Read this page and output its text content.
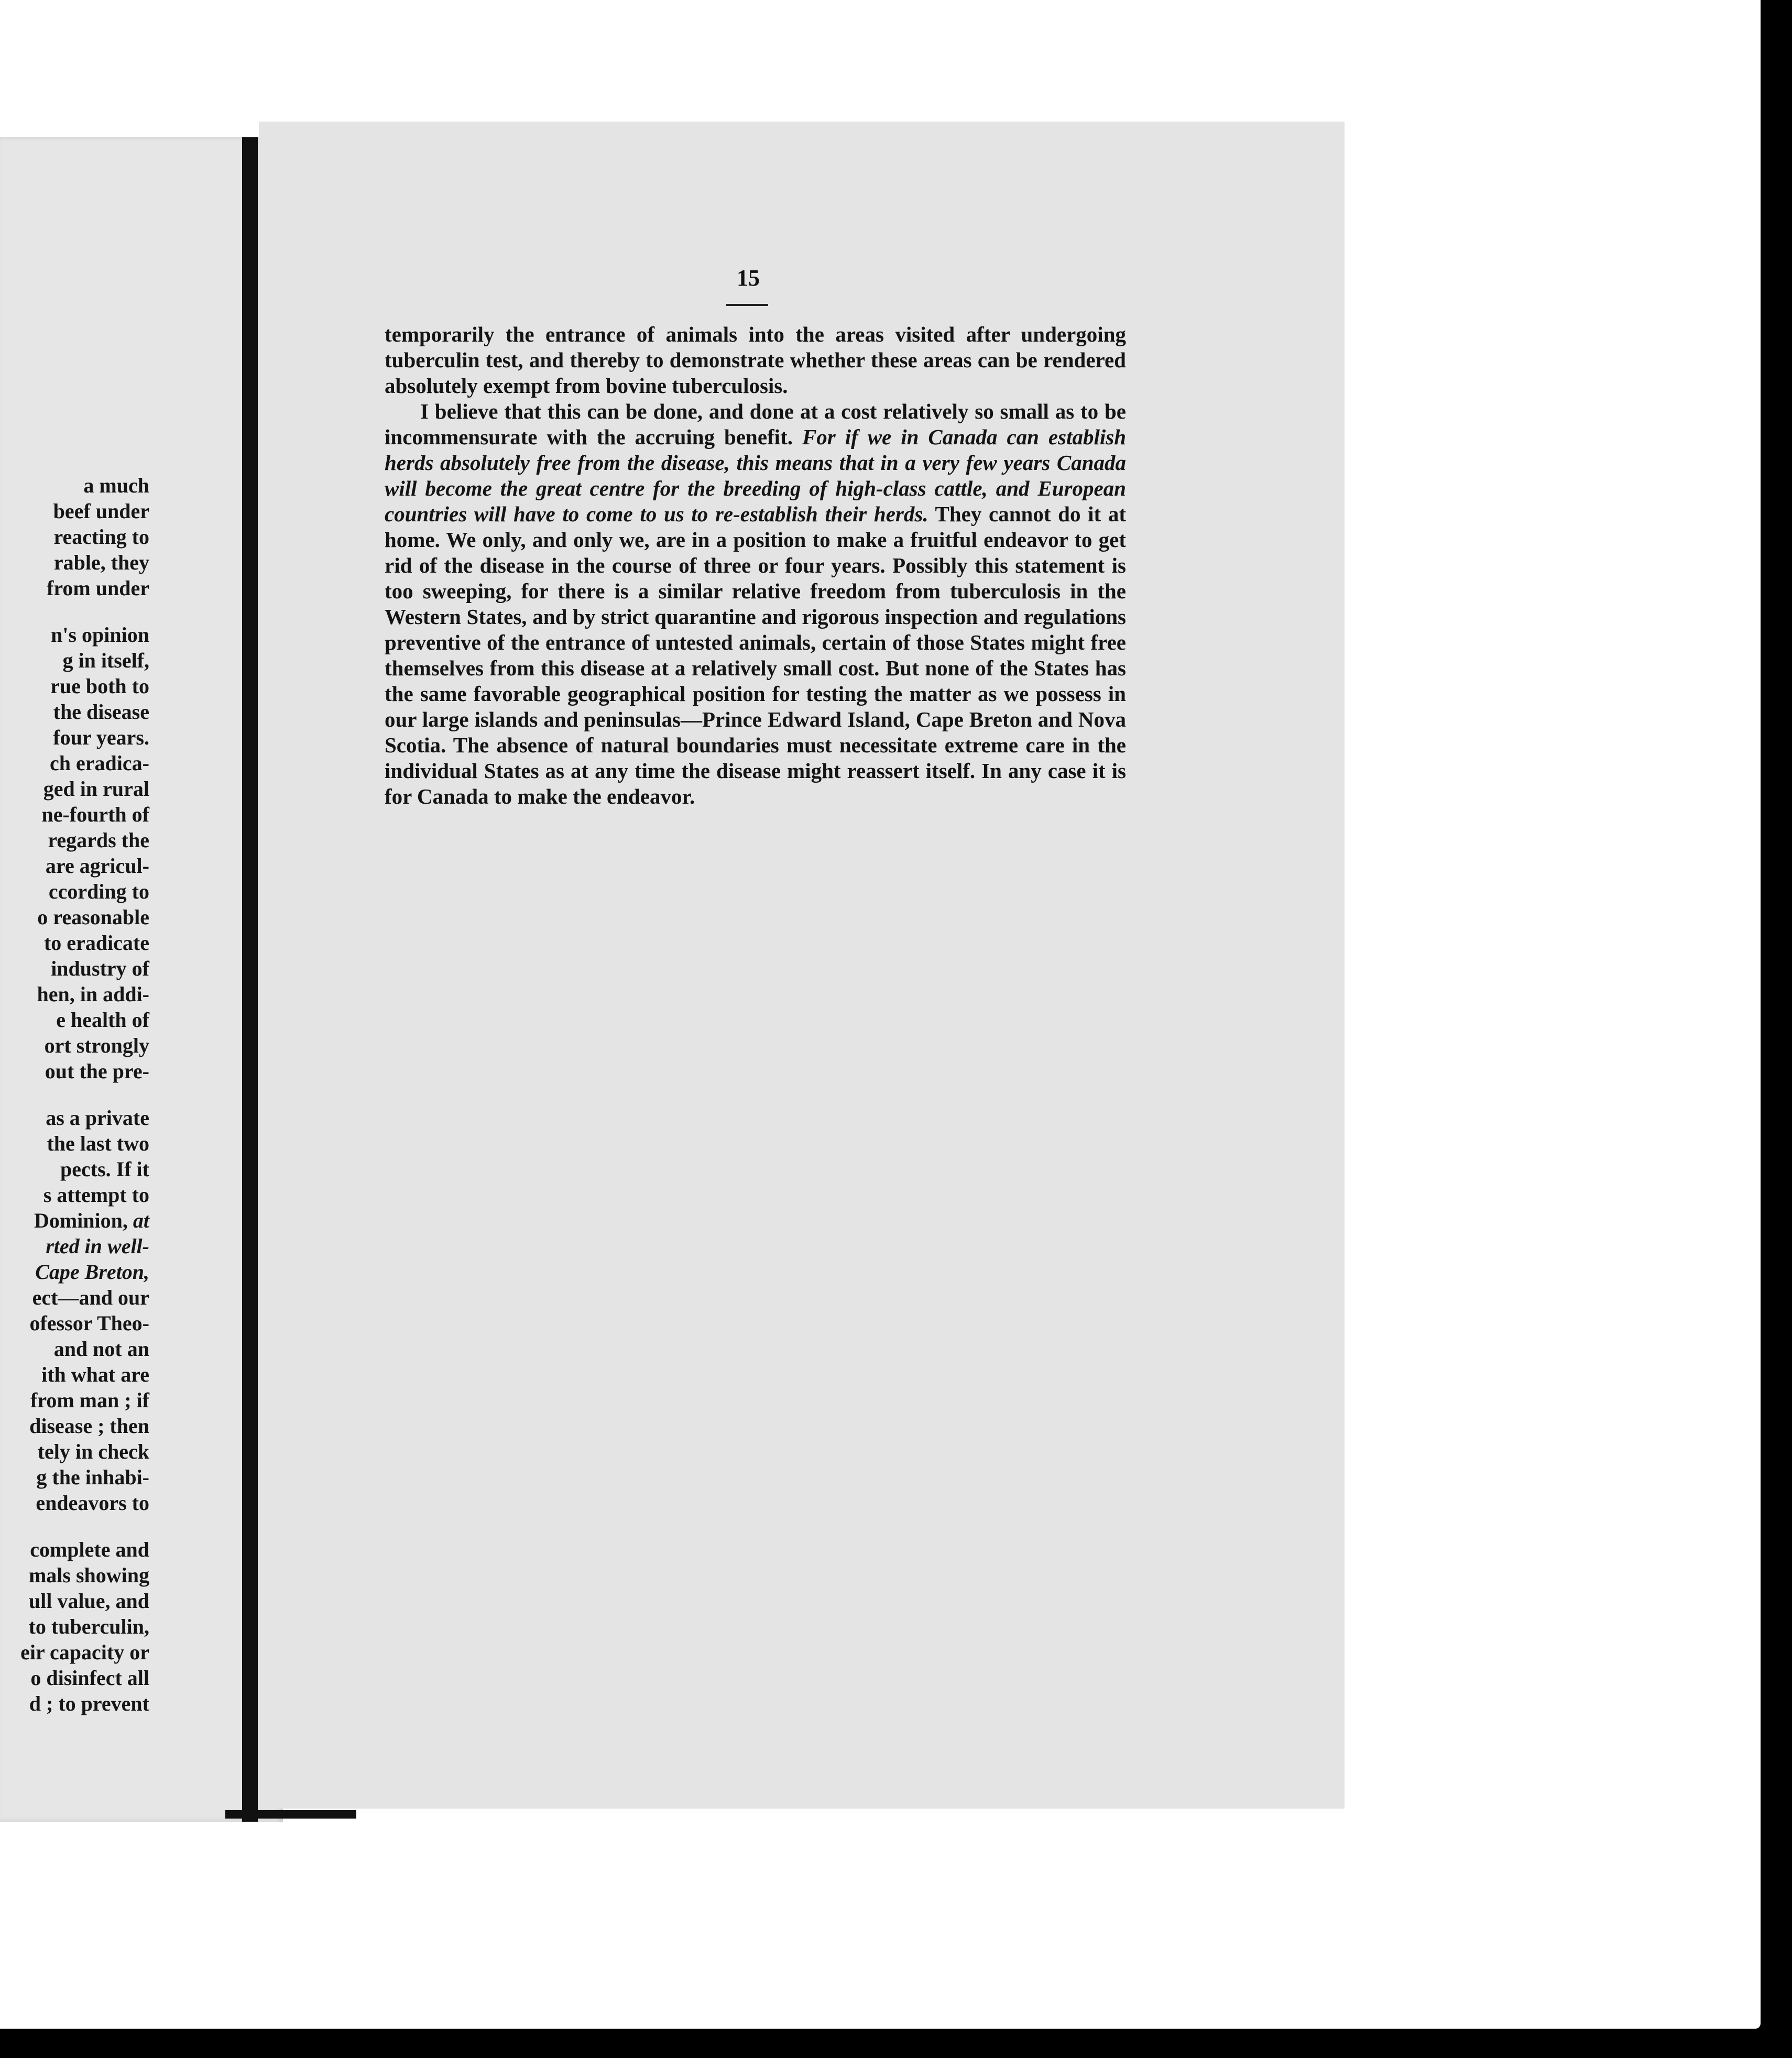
a much
beef under
reacting to
rable, they
from under
n's opinion
g in itself,
rue both to
the disease
four years.
ch eradica-
ged in rural
ne-fourth of
regards the
are agricul-
ccording to
o reasonable
to eradicate
industry of
hen, in addi-
e health of
ort strongly
out the pre-
as a private
the last two
pects. If it
s attempt to
Dominion, at
rted in well-
Cape Breton,
ect—and our
ofessor Theo-
and not an
ith what are
from man ; if
disease ; then
tely in check
g the inhabi-
endeavors to
complete and
mals showing
ull value, and
to tuberculin,
eir capacity or
o disinfect all
d ; to prevent
15

temporarily the entrance of animals into the areas visited after undergoing tuberculin test, and thereby to demonstrate whether these areas can be rendered absolutely exempt from bovine tuberculosis.

I believe that this can be done, and done at a cost relatively so small as to be incommensurate with the accruing benefit. For if we in Canada can establish herds absolutely free from the disease, this means that in a very few years Canada will become the great centre for the breeding of high-class cattle, and European countries will have to come to us to re-establish their herds. They cannot do it at home. We only, and only we, are in a position to make a fruitful endeavor to get rid of the disease in the course of three or four years. Possibly this statement is too sweeping, for there is a similar relative freedom from tuberculosis in the Western States, and by strict quarantine and rigorous inspection and regulations preventive of the entrance of untested animals, certain of those States might free themselves from this disease at a relatively small cost. But none of the States has the same favorable geographical position for testing the matter as we possess in our large islands and peninsulas—Prince Edward Island, Cape Breton and Nova Scotia. The absence of natural boundaries must necessitate extreme care in the individual States as at any time the disease might reassert itself. In any case it is for Canada to make the endeavor.
